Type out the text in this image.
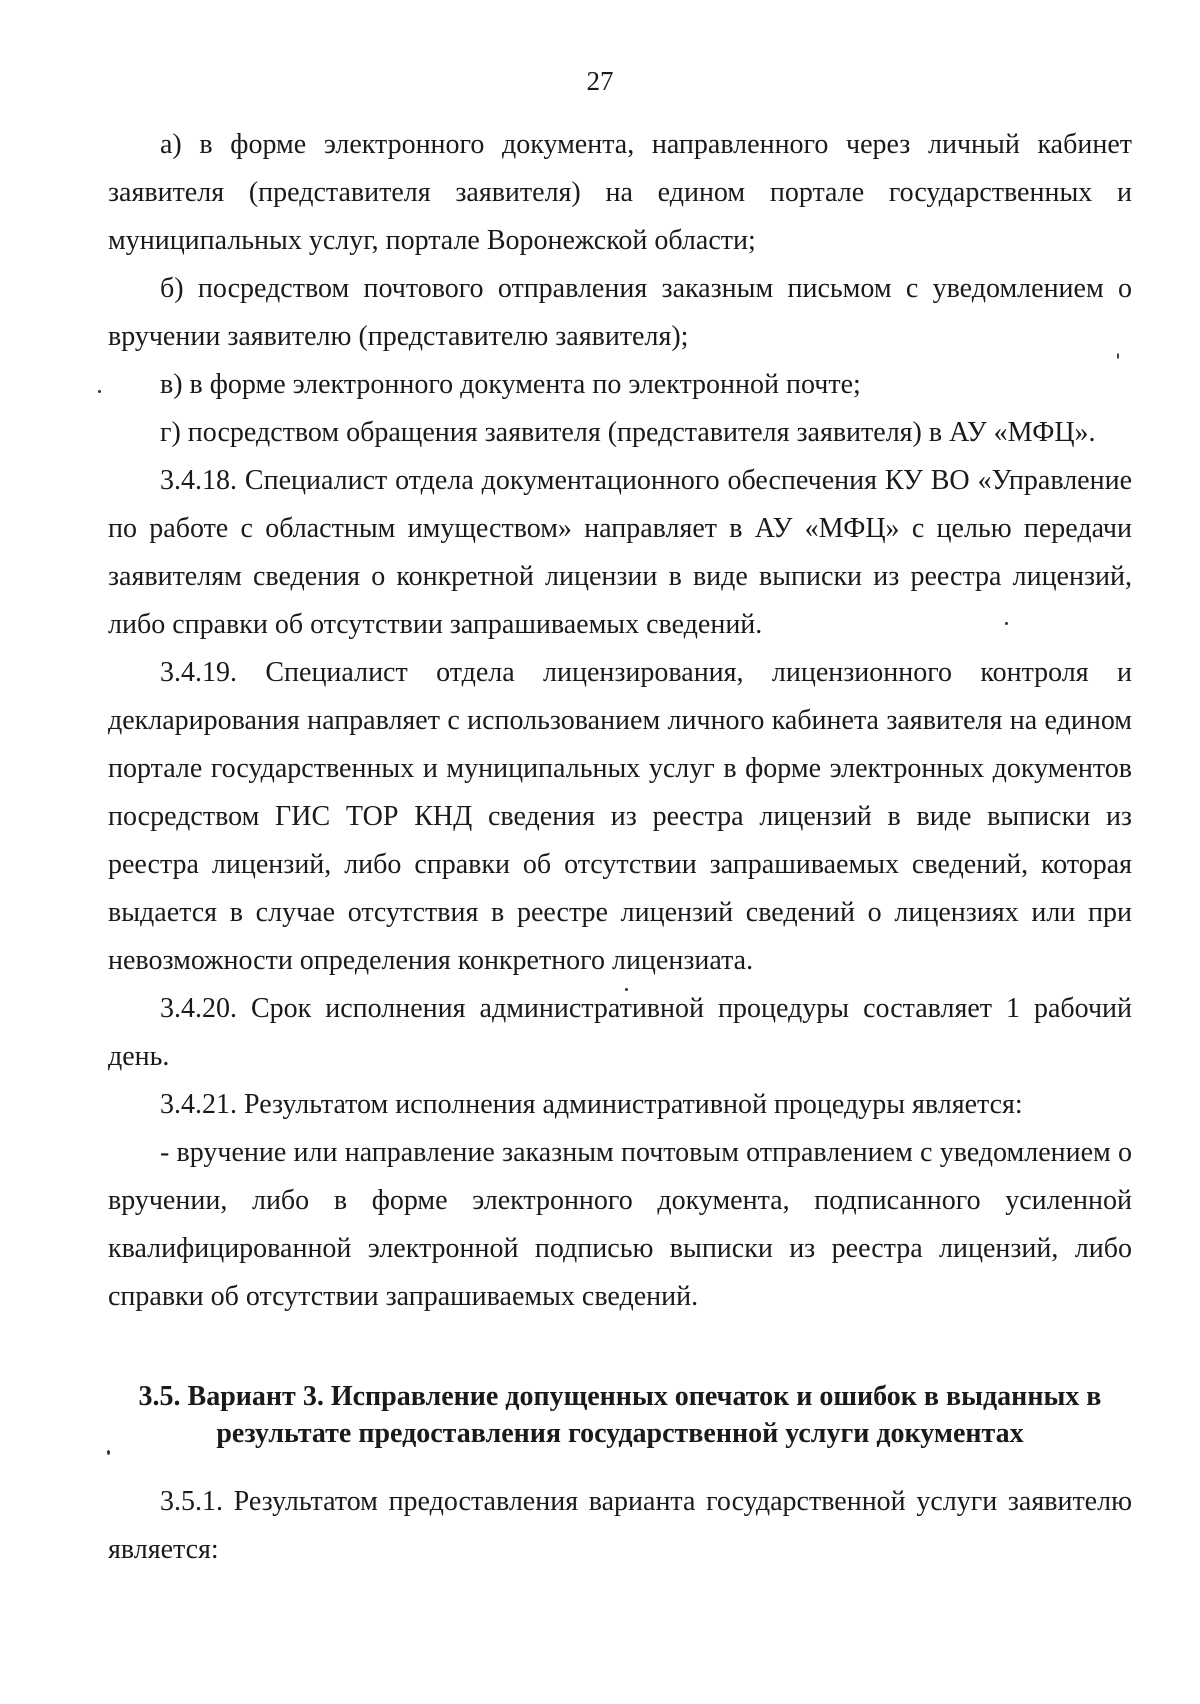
27

а) в форме электронного документа, направленного через личный кабинет заявителя (представителя заявителя) на едином портале государственных и муниципальных услуг, портале Воронежской области;

б) посредством почтового отправления заказным письмом с уведомлением о вручении заявителю (представителю заявителя);

в) в форме электронного документа по электронной почте;

г) посредством обращения заявителя (представителя заявителя) в АУ «МФЦ».

3.4.18. Специалист отдела документационного обеспечения КУ ВО «Управление по работе с областным имуществом» направляет в АУ «МФЦ» с целью передачи заявителям сведения о конкретной лицензии в виде выписки из реестра лицензий, либо справки об отсутствии запрашиваемых сведений.

3.4.19. Специалист отдела лицензирования, лицензионного контроля и декларирования направляет с использованием личного кабинета заявителя на едином портале государственных и муниципальных услуг в форме электронных документов посредством ГИС ТОР КНД сведения из реестра лицензий в виде выписки из реестра лицензий, либо справки об отсутствии запрашиваемых сведений, которая выдается в случае отсутствия в реестре лицензий сведений о лицензиях или при невозможности определения конкретного лицензиата.

3.4.20. Срок исполнения административной процедуры составляет 1 рабочий день.

3.4.21. Результатом исполнения административной процедуры является:

- вручение или направление заказным почтовым отправлением с уведомлением о вручении, либо в форме электронного документа, подписанного усиленной квалифицированной электронной подписью выписки из реестра лицензий, либо справки об отсутствии запрашиваемых сведений.

3.5. Вариант 3. Исправление допущенных опечаток и ошибок в выданных в результате предоставления государственной услуги документах

3.5.1. Результатом предоставления варианта государственной услуги заявителю является:
